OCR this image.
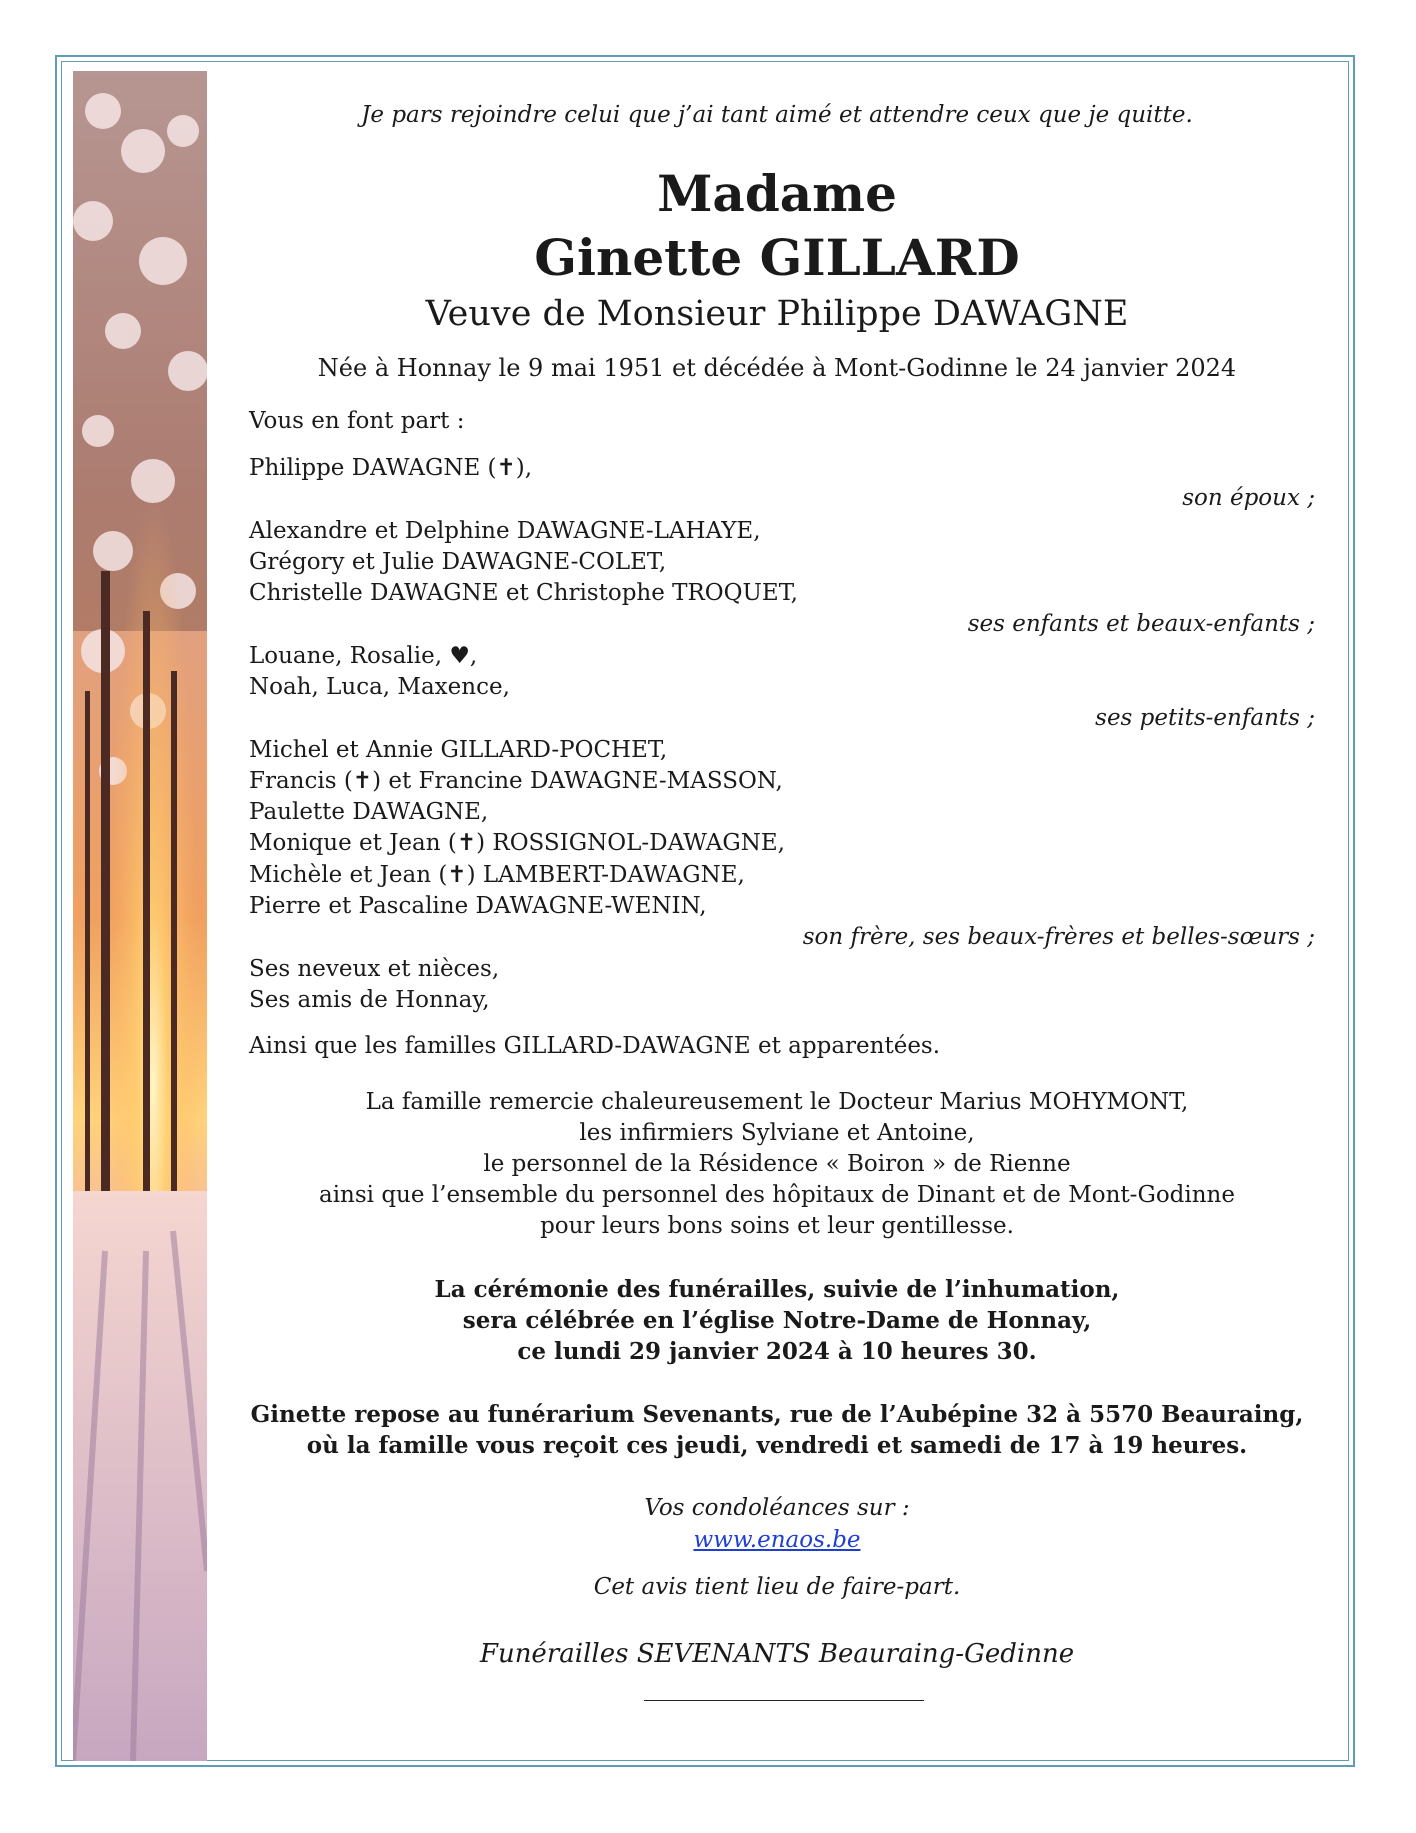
Je pars rejoindre celui que j’ai tant aimé et attendre ceux que je quitte.
Madame
Ginette GILLARD
Veuve de Monsieur Philippe DAWAGNE
Née à Honnay le 9 mai 1951 et décédée à Mont-Godinne le 24 janvier 2024
Vous en font part :
Philippe DAWAGNE (✝),
son époux ;
Alexandre et Delphine DAWAGNE-LAHAYE,
Grégory et Julie DAWAGNE-COLET,
Christelle DAWAGNE et Christophe TROQUET,
ses enfants et beaux-enfants ;
Louane, Rosalie, ♥,
Noah, Luca, Maxence,
ses petits-enfants ;
Michel et Annie GILLARD-POCHET,
Francis (✝) et Francine DAWAGNE-MASSON,
Paulette DAWAGNE,
Monique et Jean (✝) ROSSIGNOL-DAWAGNE,
Michèle et Jean (✝) LAMBERT-DAWAGNE,
Pierre et Pascaline DAWAGNE-WENIN,
son frère, ses beaux-frères et belles-sœurs ;
Ses neveux et nièces,
Ses amis de Honnay,
Ainsi que les familles GILLARD-DAWAGNE et apparentées.
La famille remercie chaleureusement le Docteur Marius MOHYMONT,
les infirmiers Sylviane et Antoine,
le personnel de la Résidence « Boiron » de Rienne
ainsi que l’ensemble du personnel des hôpitaux de Dinant et de Mont-Godinne
pour leurs bons soins et leur gentillesse.
La cérémonie des funérailles, suivie de l’inhumation,
sera célébrée en l’église Notre-Dame de Honnay,
ce lundi 29 janvier 2024 à 10 heures 30.
Ginette repose au funérarium Sevenants, rue de l’Aubépine 32 à 5570 Beauraing,
où la famille vous reçoit ces jeudi, vendredi et samedi de 17 à 19 heures.
Vos condoléances sur :
www.enaos.be
Cet avis tient lieu de faire-part.
Funérailles SEVENANTS Beauraing-Gedinne
